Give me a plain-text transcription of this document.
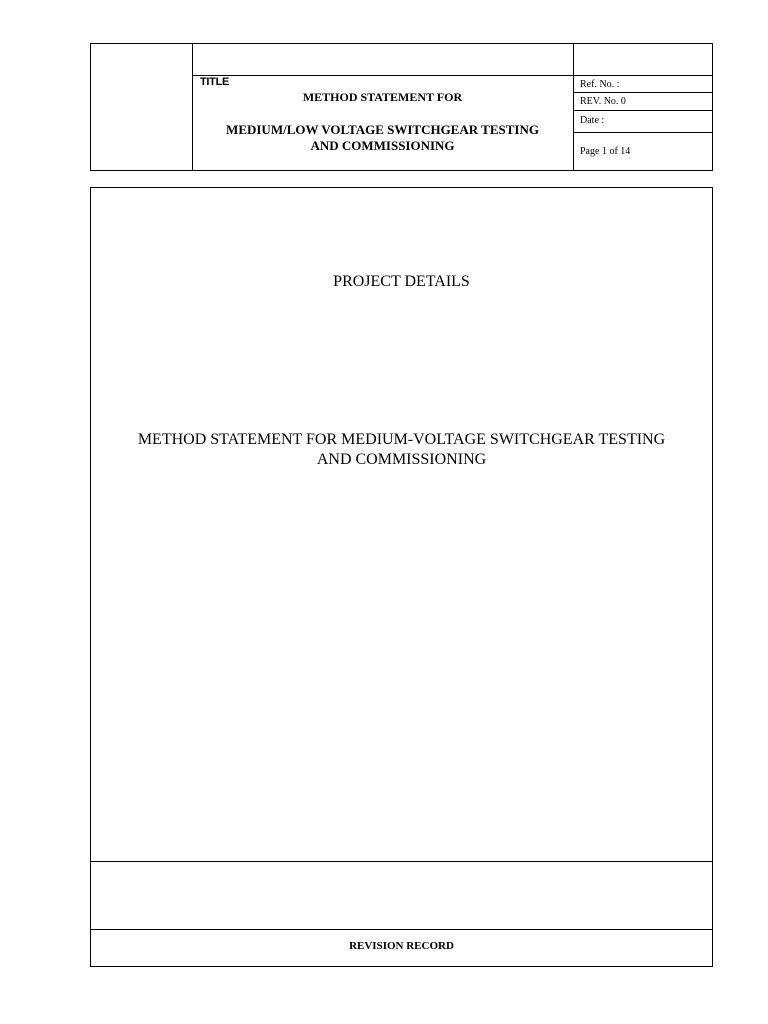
TITLE
METHOD STATEMENT FOR
MEDIUM/LOW VOLTAGE SWITCHGEAR TESTING
AND COMMISSIONING
Ref. No. :
REV. No. 0
Date :
Page 1 of 14
PROJECT DETAILS
METHOD STATEMENT FOR MEDIUM-VOLTAGE SWITCHGEAR TESTING
AND COMMISSIONING
REVISION RECORD
